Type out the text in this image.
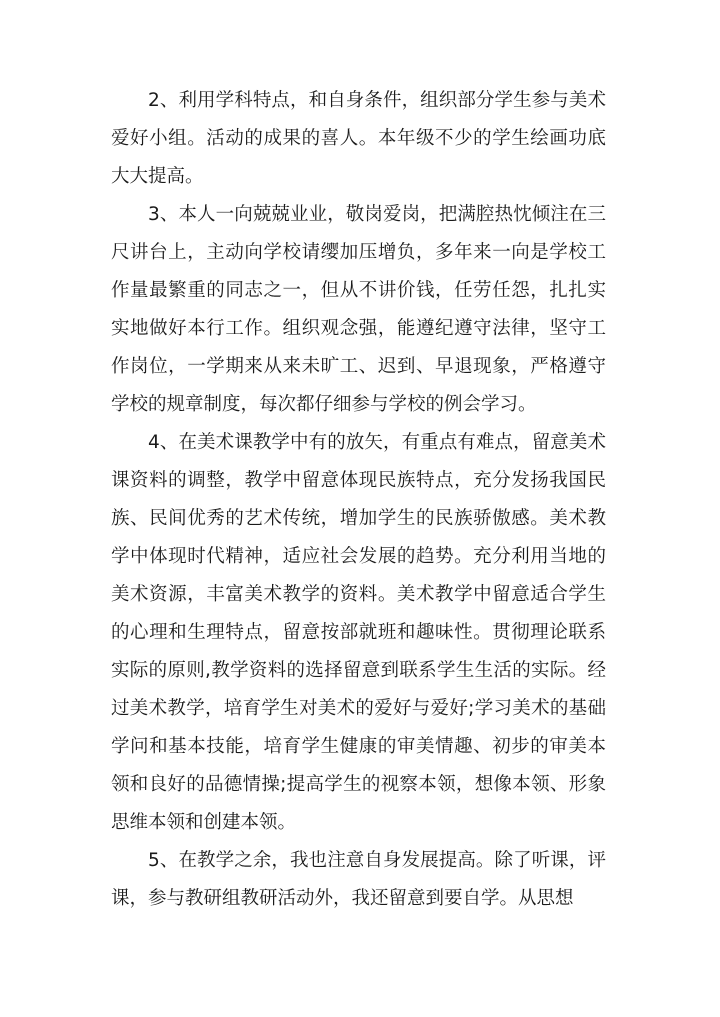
2、利用学科特点，和自身条件，组织部分学生参与美术爱好小组。活动的成果的喜人。本年级不少的学生绘画功底大大提高。

3、本人一向兢兢业业，敬岗爱岗，把满腔热忱倾注在三尺讲台上，主动向学校请缨加压增负，多年来一向是学校工作量最繁重的同志之一，但从不讲价钱，任劳任怨，扎扎实实地做好本行工作。组织观念强，能遵纪遵守法律，坚守工作岗位，一学期来从来未旷工、迟到、早退现象，严格遵守学校的规章制度，每次都仔细参与学校的例会学习。

4、在美术课教学中有的放矢，有重点有难点，留意美术课资料的调整，教学中留意体现民族特点，充分发扬我国民族、民间优秀的艺术传统，增加学生的民族骄傲感。美术教学中体现时代精神，适应社会发展的趋势。充分利用当地的美术资源，丰富美术教学的资料。美术教学中留意适合学生的心理和生理特点，留意按部就班和趣味性。贯彻理论联系实际的原则,教学资料的选择留意到联系学生生活的实际。经过美术教学，培育学生对美术的爱好与爱好;学习美术的基础学问和基本技能，培育学生健康的审美情趣、初步的审美本领和良好的品德情操;提高学生的视察本领，想像本领、形象思维本领和创建本领。

5、在教学之余，我也注意自身发展提高。除了听课，评课，参与教研组教研活动外，我还留意到要自学。从思想
